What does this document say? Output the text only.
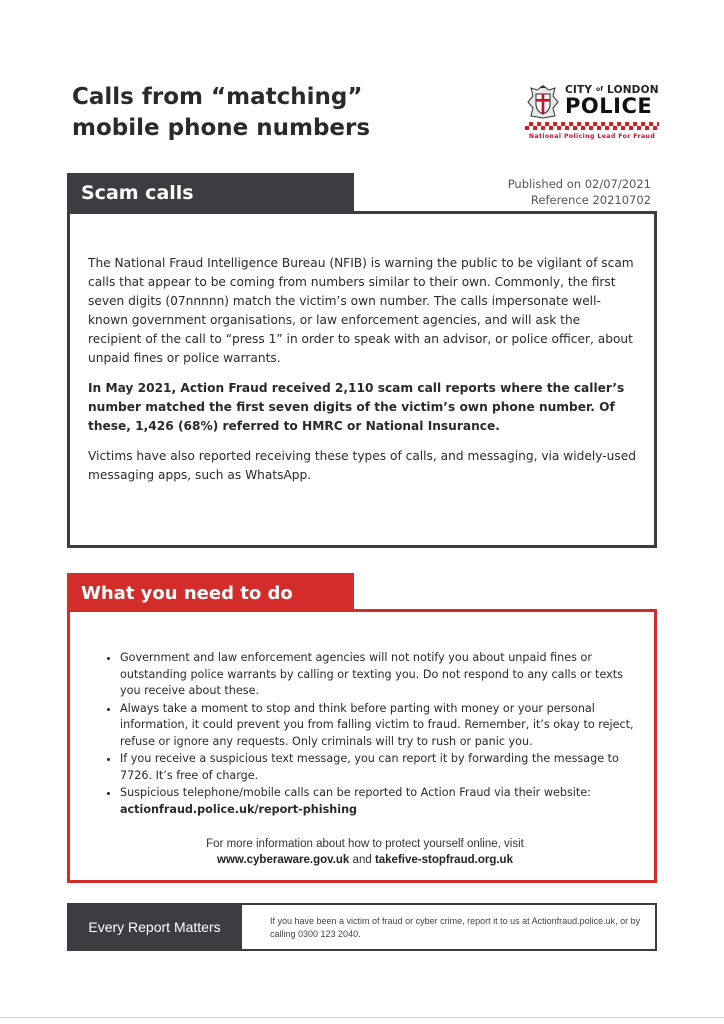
Calls from “matching” mobile phone numbers
CITY of LONDON
POLICE
National Policing Lead For Fraud
Scam calls	Published on 02/07/2021
Reference 20210702

The National Fraud Intelligence Bureau (NFIB) is warning the public to be vigilant of scam calls that appear to be coming from numbers similar to their own. Commonly, the first seven digits (07nnnnn) match the victim’s own number. The calls impersonate well-known government organisations, or law enforcement agencies, and will ask the recipient of the call to “press 1” in order to speak with an advisor, or police officer, about unpaid fines or police warrants.

In May 2021, Action Fraud received 2,110 scam call reports where the caller’s number matched the first seven digits of the victim’s own phone number. Of these, 1,426 (68%) referred to HMRC or National Insurance.

Victims have also reported receiving these types of calls, and messaging, via widely-used messaging apps, such as WhatsApp.

What you need to do
• Government and law enforcement agencies will not notify you about unpaid fines or outstanding police warrants by calling or texting you. Do not respond to any calls or texts you receive about these.
• Always take a moment to stop and think before parting with money or your personal information, it could prevent you from falling victim to fraud. Remember, it’s okay to reject, refuse or ignore any requests. Only criminals will try to rush or panic you.
• If you receive a suspicious text message, you can report it by forwarding the message to 7726. It’s free of charge.
• Suspicious telephone/mobile calls can be reported to Action Fraud via their website:
actionfraud.police.uk/report-phishing
For more information about how to protect yourself online, visit
www.cyberaware.gov.uk and takefive-stopfraud.org.uk
Every Report Matters	If you have been a victim of fraud or cyber crime, report it to us at Actionfraud.police.uk, or by calling 0300 123 2040.
